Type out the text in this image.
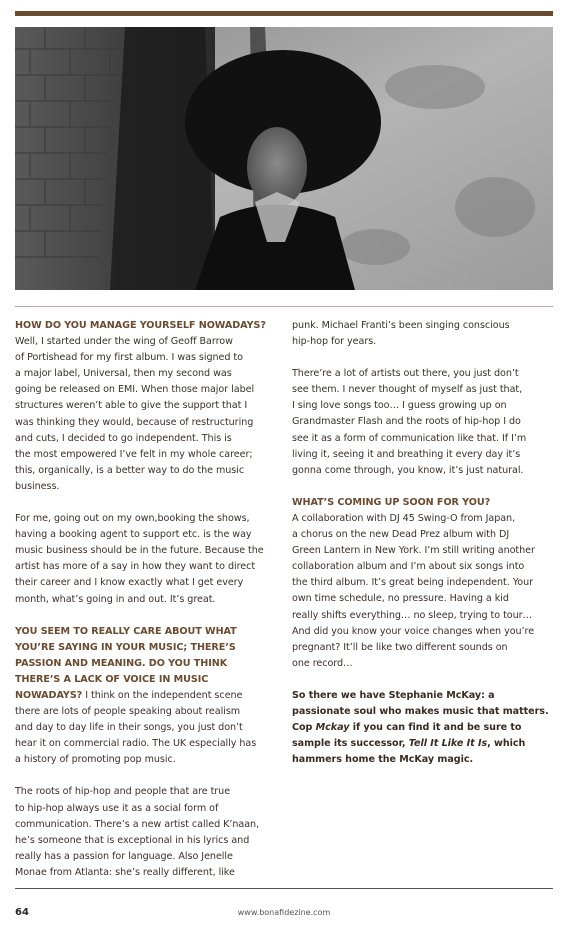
HOW DO YOU MANAGE YOURSELF NOWADAYS?
Well, I started under the wing of Geoff Barrow
of Portishead for my first album. I was signed to
a major label, Universal, then my second was
going be released on EMI. When those major label
structures weren’t able to give the support that I
was thinking they would, because of restructuring
and cuts, I decided to go independent. This is
the most empowered I’ve felt in my whole career;
this, organically, is a better way to do the music
business.

For me, going out on my own,booking the shows,
having a booking agent to support etc. is the way
music business should be in the future. Because the
artist has more of a say in how they want to direct
their career and I know exactly what I get every
month, what’s going in and out. It’s great.

YOU SEEM TO REALLY CARE ABOUT WHAT
YOU’RE SAYING IN YOUR MUSIC; THERE’S
PASSION AND MEANING. DO YOU THINK
THERE’S A LACK OF VOICE IN MUSIC
NOWADAYS? I think on the independent scene
there are lots of people speaking about realism
and day to day life in their songs, you just don’t
hear it on commercial radio. The UK especially has
a history of promoting pop music.

The roots of hip-hop and people that are true
to hip-hop always use it as a social form of
communication. There’s a new artist called K’naan,
he’s someone that is exceptional in his lyrics and
really has a passion for language. Also Jenelle
Monae from Atlanta: she’s really different, like

punk. Michael Franti’s been singing conscious
hip-hop for years.

There’re a lot of artists out there, you just don’t
see them. I never thought of myself as just that,
I sing love songs too… I guess growing up on
Grandmaster Flash and the roots of hip-hop I do
see it as a form of communication like that. If I’m
living it, seeing it and breathing it every day it’s
gonna come through, you know, it’s just natural.

WHAT’S COMING UP SOON FOR YOU?
A collaboration with DJ 45 Swing-O from Japan,
a chorus on the new Dead Prez album with DJ
Green Lantern in New York. I’m still writing another
collaboration album and I’m about six songs into
the third album. It’s great being independent. Your
own time schedule, no pressure. Having a kid
really shifts everything… no sleep, trying to tour…
And did you know your voice changes when you’re
pregnant? It’ll be like two different sounds on
one record…

So there we have Stephanie McKay: a
passionate soul who makes music that matters.
Cop Mckay if you can find it and be sure to
sample its successor, Tell It Like It Is, which
hammers home the McKay magic.

64	www.bonafidezine.com
